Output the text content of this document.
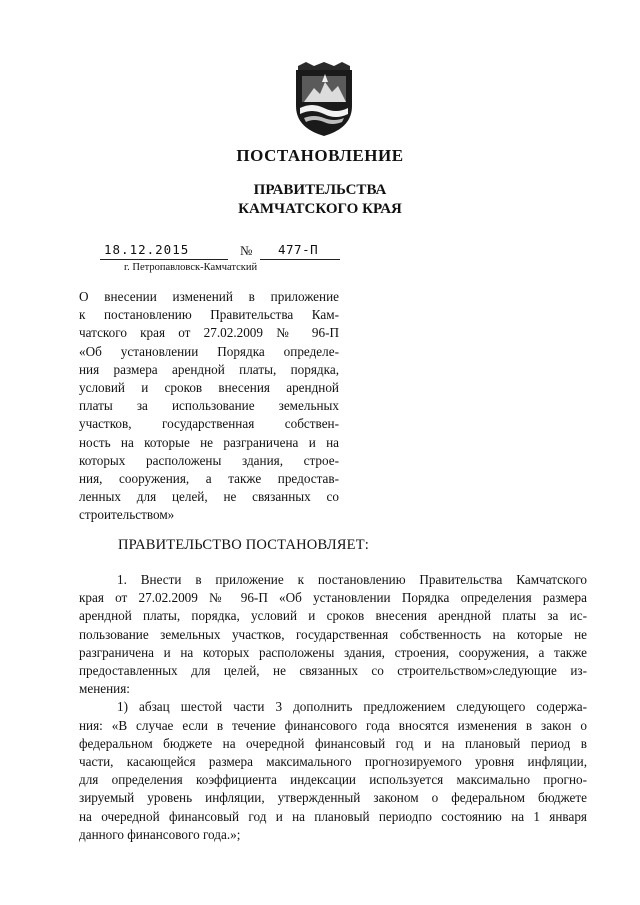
ПОСТАНОВЛЕНИЕ
ПРАВИТЕЛЬСТВА
КАМЧАТСКОГО КРАЯ
18.12.2015	№ 477-П
г. Петропавловск-Камчатский
О внесении изменений в приложение
к постановлению Правительства Кам-
чатского края от 27.02.2009 № 96-П
«Об установлении Порядка определе-
ния размера арендной платы, порядка,
условий и сроков внесения арендной
платы за использование земельных
участков, государственная собствен-
ность на которые не разграничена и на
которых расположены здания, строе-
ния, сооружения, а также предостав-
ленных для целей, не связанных со
строительством»
ПРАВИТЕЛЬСТВО ПОСТАНОВЛЯЕТ:
1. Внести в приложение к постановлению Правительства Камчатского
края от 27.02.2009 № 96-П «Об установлении Порядка определения размера
арендной платы, порядка, условий и сроков внесения арендной платы за ис-
пользование земельных участков, государственная собственность на которые не
разграничена и на которых расположены здания, строения, сооружения, а также
предоставленных для целей, не связанных со строительством»следующие из-
менения:
1) абзац шестой части 3 дополнить предложением следующего содержа-
ния: «В случае если в течение финансового года вносятся изменения в закон о
федеральном бюджете на очередной финансовый год и на плановый период в
части, касающейся размера максимального прогнозируемого уровня инфляции,
для определения коэффициента индексации используется максимально прогно-
зируемый уровень инфляции, утвержденный законом о федеральном бюджете
на очередной финансовый год и на плановый периодпо состоянию на 1 января
данного финансового года.»;
